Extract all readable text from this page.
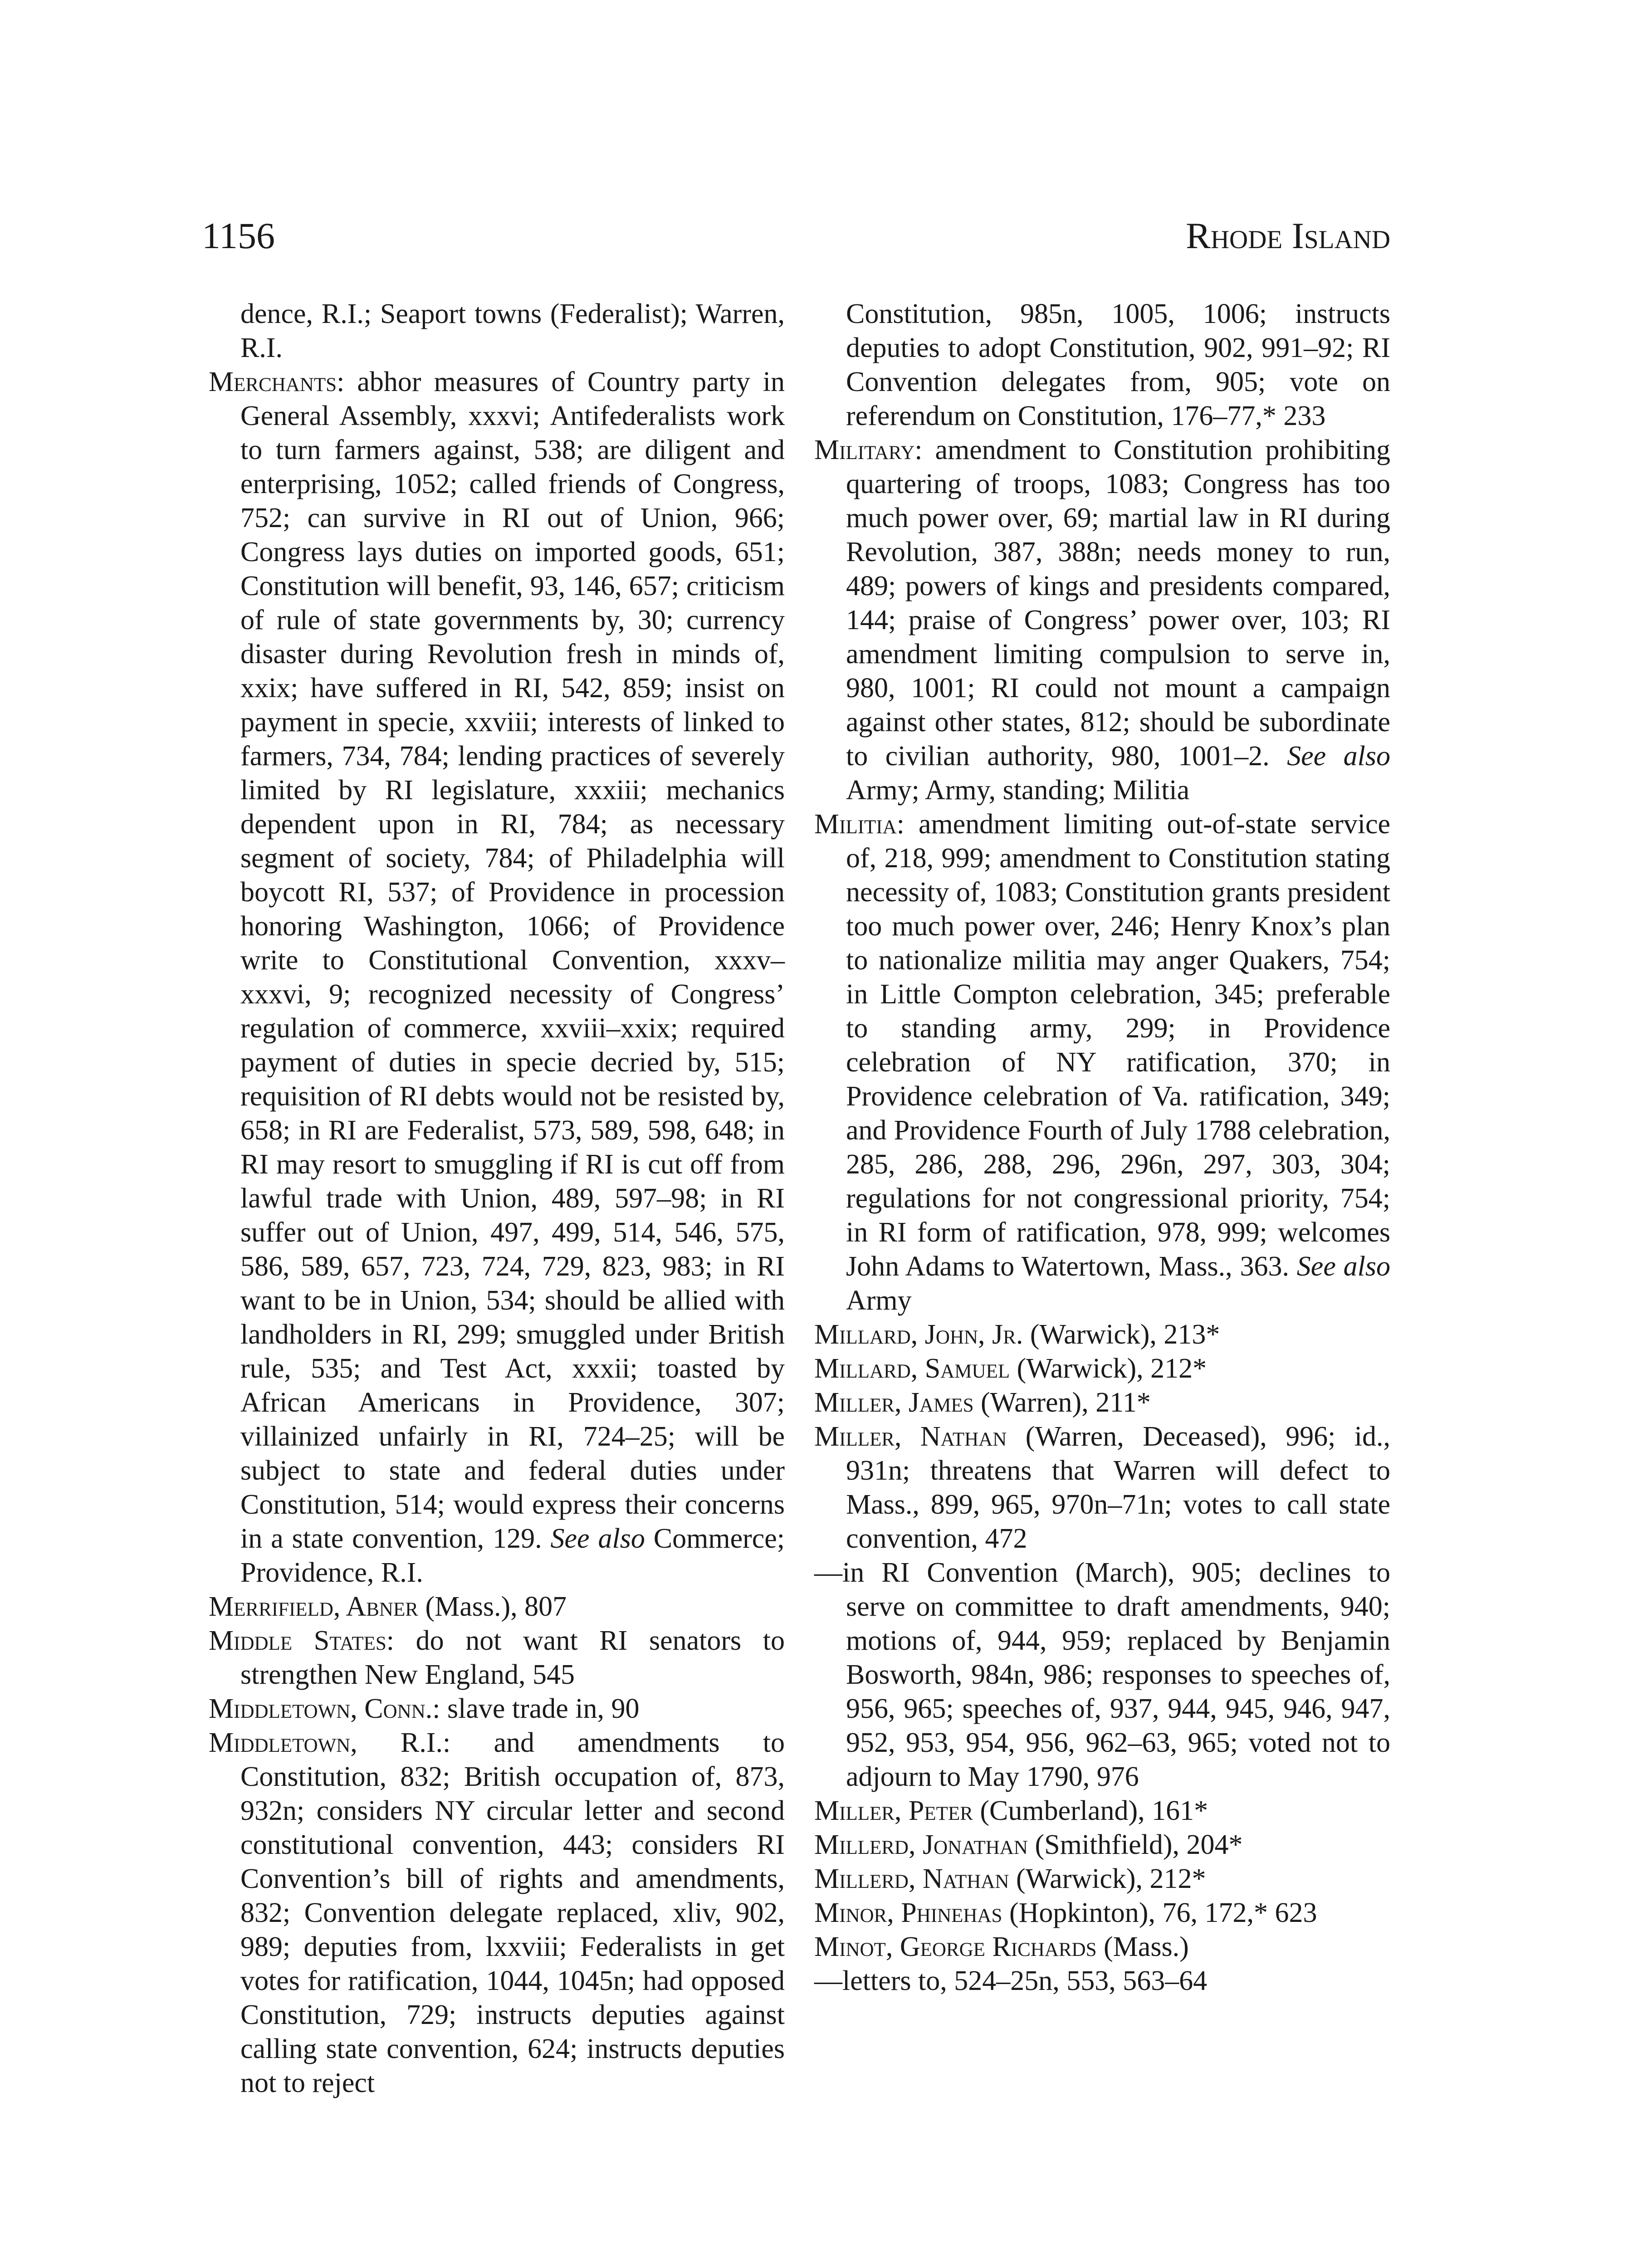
1156	Rhode Island

dence, R.I.; Seaport towns (Federalist); Warren, R.I.

Merchants: abhor measures of Country party in General Assembly, xxxvi; Antifederalists work to turn farmers against, 538; are diligent and enterprising, 1052; called friends of Congress, 752; can survive in RI out of Union, 966; Congress lays duties on imported goods, 651; Constitution will benefit, 93, 146, 657; criticism of rule of state governments by, 30; currency disaster during Revolution fresh in minds of, xxix; have suffered in RI, 542, 859; insist on payment in specie, xxviii; interests of linked to farmers, 734, 784; lending practices of severely limited by RI legislature, xxxiii; mechanics dependent upon in RI, 784; as necessary segment of society, 784; of Philadelphia will boycott RI, 537; of Providence in procession honoring Washington, 1066; of Providence write to Constitutional Convention, xxxv–xxxvi, 9; recognized necessity of Congress’ regulation of commerce, xxviii–xxix; required payment of duties in specie decried by, 515; requisition of RI debts would not be resisted by, 658; in RI are Federalist, 573, 589, 598, 648; in RI may resort to smuggling if RI is cut off from lawful trade with Union, 489, 597–98; in RI suffer out of Union, 497, 499, 514, 546, 575, 586, 589, 657, 723, 724, 729, 823, 983; in RI want to be in Union, 534; should be allied with landholders in RI, 299; smuggled under British rule, 535; and Test Act, xxxii; toasted by African Americans in Providence, 307; villainized unfairly in RI, 724–25; will be subject to state and federal duties under Constitution, 514; would express their concerns in a state convention, 129. See also Commerce; Providence, R.I.

Merrifield, Abner (Mass.), 807

Middle States: do not want RI senators to strengthen New England, 545

Middletown, Conn.: slave trade in, 90

Middletown, R.I.: and amendments to Constitution, 832; British occupation of, 873, 932n; considers NY circular letter and second constitutional convention, 443; considers RI Convention’s bill of rights and amendments, 832; Convention delegate replaced, xliv, 902, 989; deputies from, lxxviii; Federalists in get votes for ratification, 1044, 1045n; had opposed Constitution, 729; instructs deputies against calling state convention, 624; instructs deputies not to reject

Constitution, 985n, 1005, 1006; instructs deputies to adopt Constitution, 902, 991–92; RI Convention delegates from, 905; vote on referendum on Constitution, 176–77,* 233

Military: amendment to Constitution prohibiting quartering of troops, 1083; Congress has too much power over, 69; martial law in RI during Revolution, 387, 388n; needs money to run, 489; powers of kings and presidents compared, 144; praise of Congress’ power over, 103; RI amendment limiting compulsion to serve in, 980, 1001; RI could not mount a campaign against other states, 812; should be subordinate to civilian authority, 980, 1001–2. See also Army; Army, standing; Militia

Militia: amendment limiting out-of-state service of, 218, 999; amendment to Constitution stating necessity of, 1083; Constitution grants president too much power over, 246; Henry Knox’s plan to nationalize militia may anger Quakers, 754; in Little Compton celebration, 345; preferable to standing army, 299; in Providence celebration of NY ratification, 370; in Providence celebration of Va. ratification, 349; and Providence Fourth of July 1788 celebration, 285, 286, 288, 296, 296n, 297, 303, 304; regulations for not congressional priority, 754; in RI form of ratification, 978, 999; welcomes John Adams to Watertown, Mass., 363. See also Army

Millard, John, Jr. (Warwick), 213*

Millard, Samuel (Warwick), 212*

Miller, James (Warren), 211*

Miller, Nathan (Warren, Deceased), 996; id., 931n; threatens that Warren will defect to Mass., 899, 965, 970n–71n; votes to call state convention, 472

—in RI Convention (March), 905; declines to serve on committee to draft amendments, 940; motions of, 944, 959; replaced by Benjamin Bosworth, 984n, 986; responses to speeches of, 956, 965; speeches of, 937, 944, 945, 946, 947, 952, 953, 954, 956, 962–63, 965; voted not to adjourn to May 1790, 976

Miller, Peter (Cumberland), 161*

Millerd, Jonathan (Smithfield), 204*

Millerd, Nathan (Warwick), 212*

Minor, Phinehas (Hopkinton), 76, 172,* 623

Minot, George Richards (Mass.)

—letters to, 524–25n, 553, 563–64
